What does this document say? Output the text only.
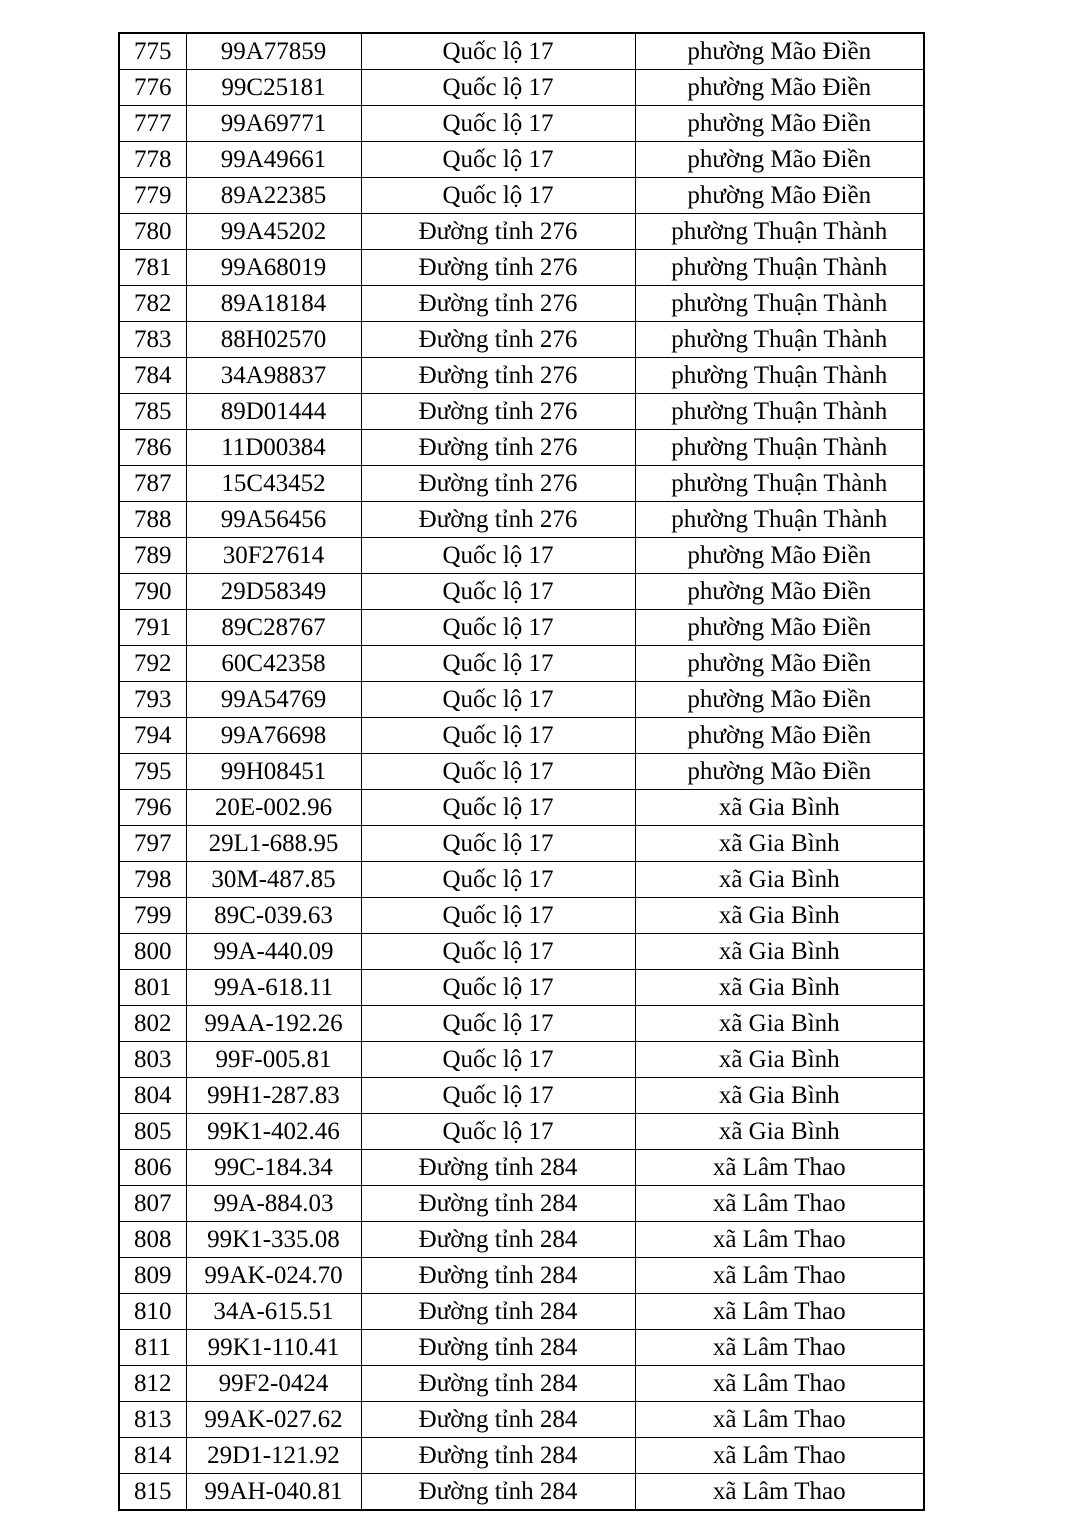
775	99A77859	Quốc lộ 17	phường Mão Điền
776	99C25181	Quốc lộ 17	phường Mão Điền
777	99A69771	Quốc lộ 17	phường Mão Điền
778	99A49661	Quốc lộ 17	phường Mão Điền
779	89A22385	Quốc lộ 17	phường Mão Điền
780	99A45202	Đường tỉnh 276	phường Thuận Thành
781	99A68019	Đường tỉnh 276	phường Thuận Thành
782	89A18184	Đường tỉnh 276	phường Thuận Thành
783	88H02570	Đường tỉnh 276	phường Thuận Thành
784	34A98837	Đường tỉnh 276	phường Thuận Thành
785	89D01444	Đường tỉnh 276	phường Thuận Thành
786	11D00384	Đường tỉnh 276	phường Thuận Thành
787	15C43452	Đường tỉnh 276	phường Thuận Thành
788	99A56456	Đường tỉnh 276	phường Thuận Thành
789	30F27614	Quốc lộ 17	phường Mão Điền
790	29D58349	Quốc lộ 17	phường Mão Điền
791	89C28767	Quốc lộ 17	phường Mão Điền
792	60C42358	Quốc lộ 17	phường Mão Điền
793	99A54769	Quốc lộ 17	phường Mão Điền
794	99A76698	Quốc lộ 17	phường Mão Điền
795	99H08451	Quốc lộ 17	phường Mão Điền
796	20E-002.96	Quốc lộ 17	xã Gia Bình
797	29L1-688.95	Quốc lộ 17	xã Gia Bình
798	30M-487.85	Quốc lộ 17	xã Gia Bình
799	89C-039.63	Quốc lộ 17	xã Gia Bình
800	99A-440.09	Quốc lộ 17	xã Gia Bình
801	99A-618.11	Quốc lộ 17	xã Gia Bình
802	99AA-192.26	Quốc lộ 17	xã Gia Bình
803	99F-005.81	Quốc lộ 17	xã Gia Bình
804	99H1-287.83	Quốc lộ 17	xã Gia Bình
805	99K1-402.46	Quốc lộ 17	xã Gia Bình
806	99C-184.34	Đường tỉnh 284	xã Lâm Thao
807	99A-884.03	Đường tỉnh 284	xã Lâm Thao
808	99K1-335.08	Đường tỉnh 284	xã Lâm Thao
809	99AK-024.70	Đường tỉnh 284	xã Lâm Thao
810	34A-615.51	Đường tỉnh 284	xã Lâm Thao
811	99K1-110.41	Đường tỉnh 284	xã Lâm Thao
812	99F2-0424	Đường tỉnh 284	xã Lâm Thao
813	99AK-027.62	Đường tỉnh 284	xã Lâm Thao
814	29D1-121.92	Đường tỉnh 284	xã Lâm Thao
815	99AH-040.81	Đường tỉnh 284	xã Lâm Thao
